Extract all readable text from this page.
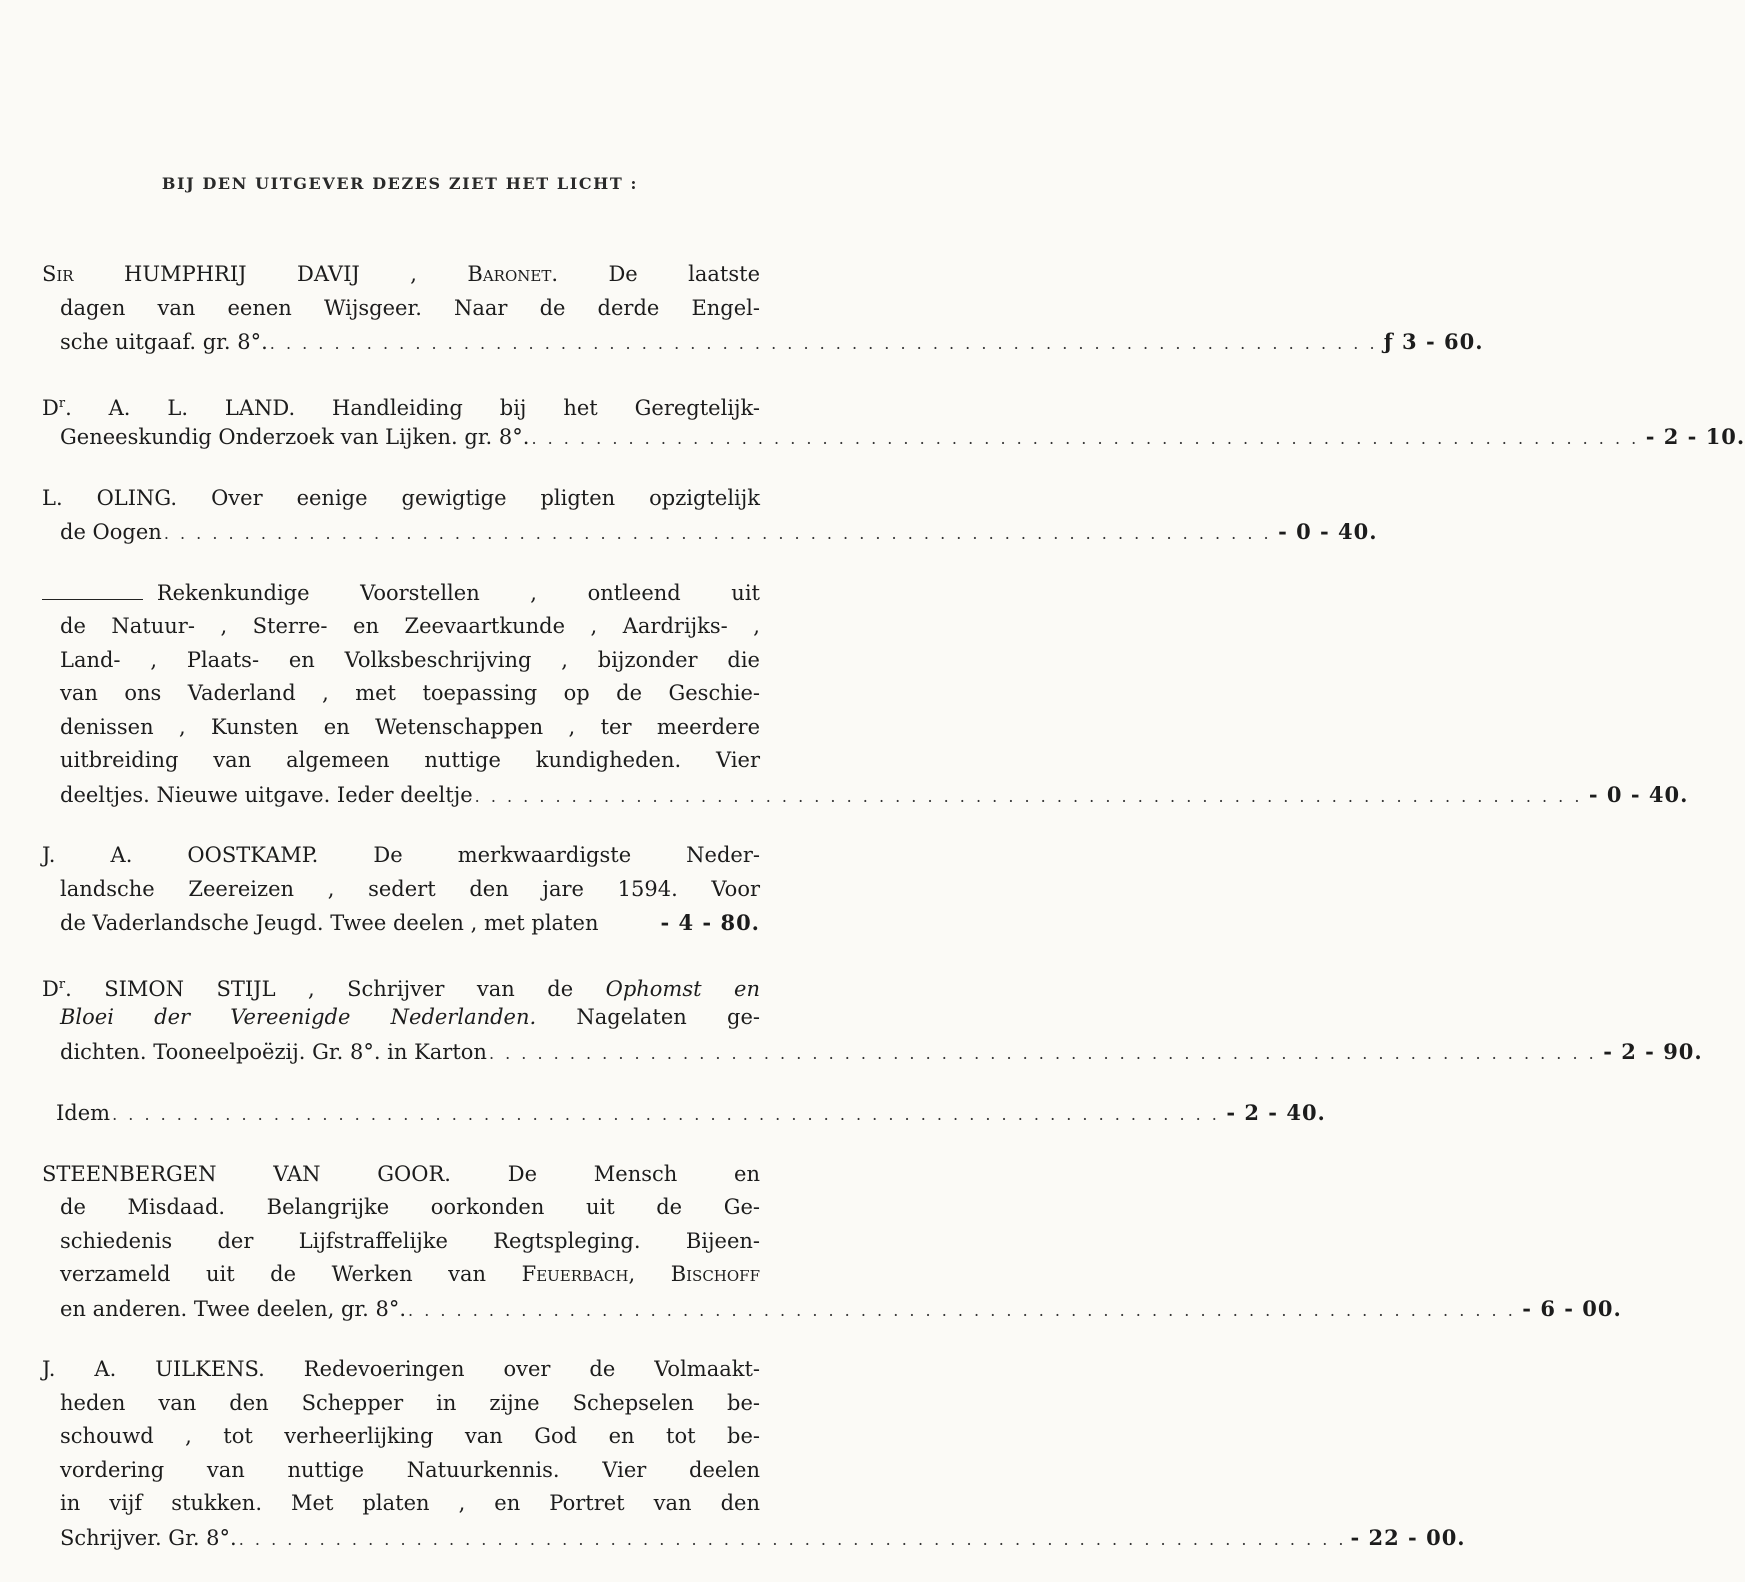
BIJ DEN UITGEVER DEZES ZIET HET LICHT :
Sir HUMPHRIJ DAVIJ , Baronet. De laatste
dagen van eenen Wijsgeer. Naar de derde Engel-
sche uitgaaf. gr. 8°. . . . . . . . . . . . . . . . . . . . . . . . . . . . . . . . . . . . . . . . . . . . . . . . . . . . . . . . . . . . . . . . . . . . . . ƒ 3 - 60.
$D^r$. A. L. LAND. Handleiding bij het Geregtelijk-
Geneeskundig Onderzoek van Lijken. gr. 8°. . . . . . . . . . . . . . . . . . . . . . . . . . . . . . . . . . . . . . . . . . . . . . . . . . . . . . . . . . . . . . . . . . . . . . - 2 - 10.
L. OLING. Over eenige gewigtige pligten opzigtelijk
de Oogen . . . . . . . . . . . . . . . . . . . . . . . . . . . . . . . . . . . . . . . . . . . . . . . . . . . . . . . . . . . . . . . . . . . . . - 0 - 40.
Rekenkundige Voorstellen , ontleend uit
de Natuur- , Sterre- en Zeevaartkunde , Aardrijks- ,
Land- , Plaats- en Volksbeschrijving , bijzonder die
van ons Vaderland , met toepassing op de Geschie-
denissen , Kunsten en Wetenschappen , ter meerdere
uitbreiding van algemeen nuttige kundigheden. Vier
deeltjes. Nieuwe uitgave. Ieder deeltje . . . . . . . . . . . . . . . . . . . . . . . . . . . . . . . . . . . . . . . . . . . . . . . . . . . . . . . . . . . . . . . . . . . . . - 0 - 40.
J. A. OOSTKAMP. De merkwaardigste Neder-
landsche Zeereizen , sedert den jare 1594. Voor
de Vaderlandsche Jeugd. Twee deelen , met platen	- 4 - 80.
$D^r$. SIMON STIJL , Schrijver van de Ophomst en
Bloei der Vereenigde Nederlanden. Nagelaten ge-
dichten. Tooneelpoëzij. Gr. 8°. in Karton . . . . . . . . . . . . . . . . . . . . . . . . . . . . . . . . . . . . . . . . . . . . . . . . . . . . . . . . . . . . . . . . . . . . . - 2 - 90.
Idem . . . . . . . . . . . . . . . . . . . . . . . . . . . . . . . . . . . . . . . . . . . . . . . . . . . . . . . . . . . . . . . . . . . . . - 2 - 40.
STEENBERGEN VAN GOOR. De Mensch en
de Misdaad. Belangrijke oorkonden uit de Ge-
schiedenis der Lijfstraffelijke Regtspleging. Bijeen-
verzameld uit de Werken van Feuerbach, Bischoff
en anderen. Twee deelen, gr. 8°. . . . . . . . . . . . . . . . . . . . . . . . . . . . . . . . . . . . . . . . . . . . . . . . . . . . . . . . . . . . . . . . . . . . . . - 6 - 00.
J. A. UILKENS. Redevoeringen over de Volmaakt-
heden van den Schepper in zijne Schepselen be-
schouwd , tot verheerlijking van God en tot be-
vordering van nuttige Natuurkennis. Vier deelen
in vijf stukken. Met platen , en Portret van den
Schrijver. Gr. 8°. . . . . . . . . . . . . . . . . . . . . . . . . . . . . . . . . . . . . . . . . . . . . . . . . . . . . . . . . . . . . . . . . . . . . . - 22 - 00.
